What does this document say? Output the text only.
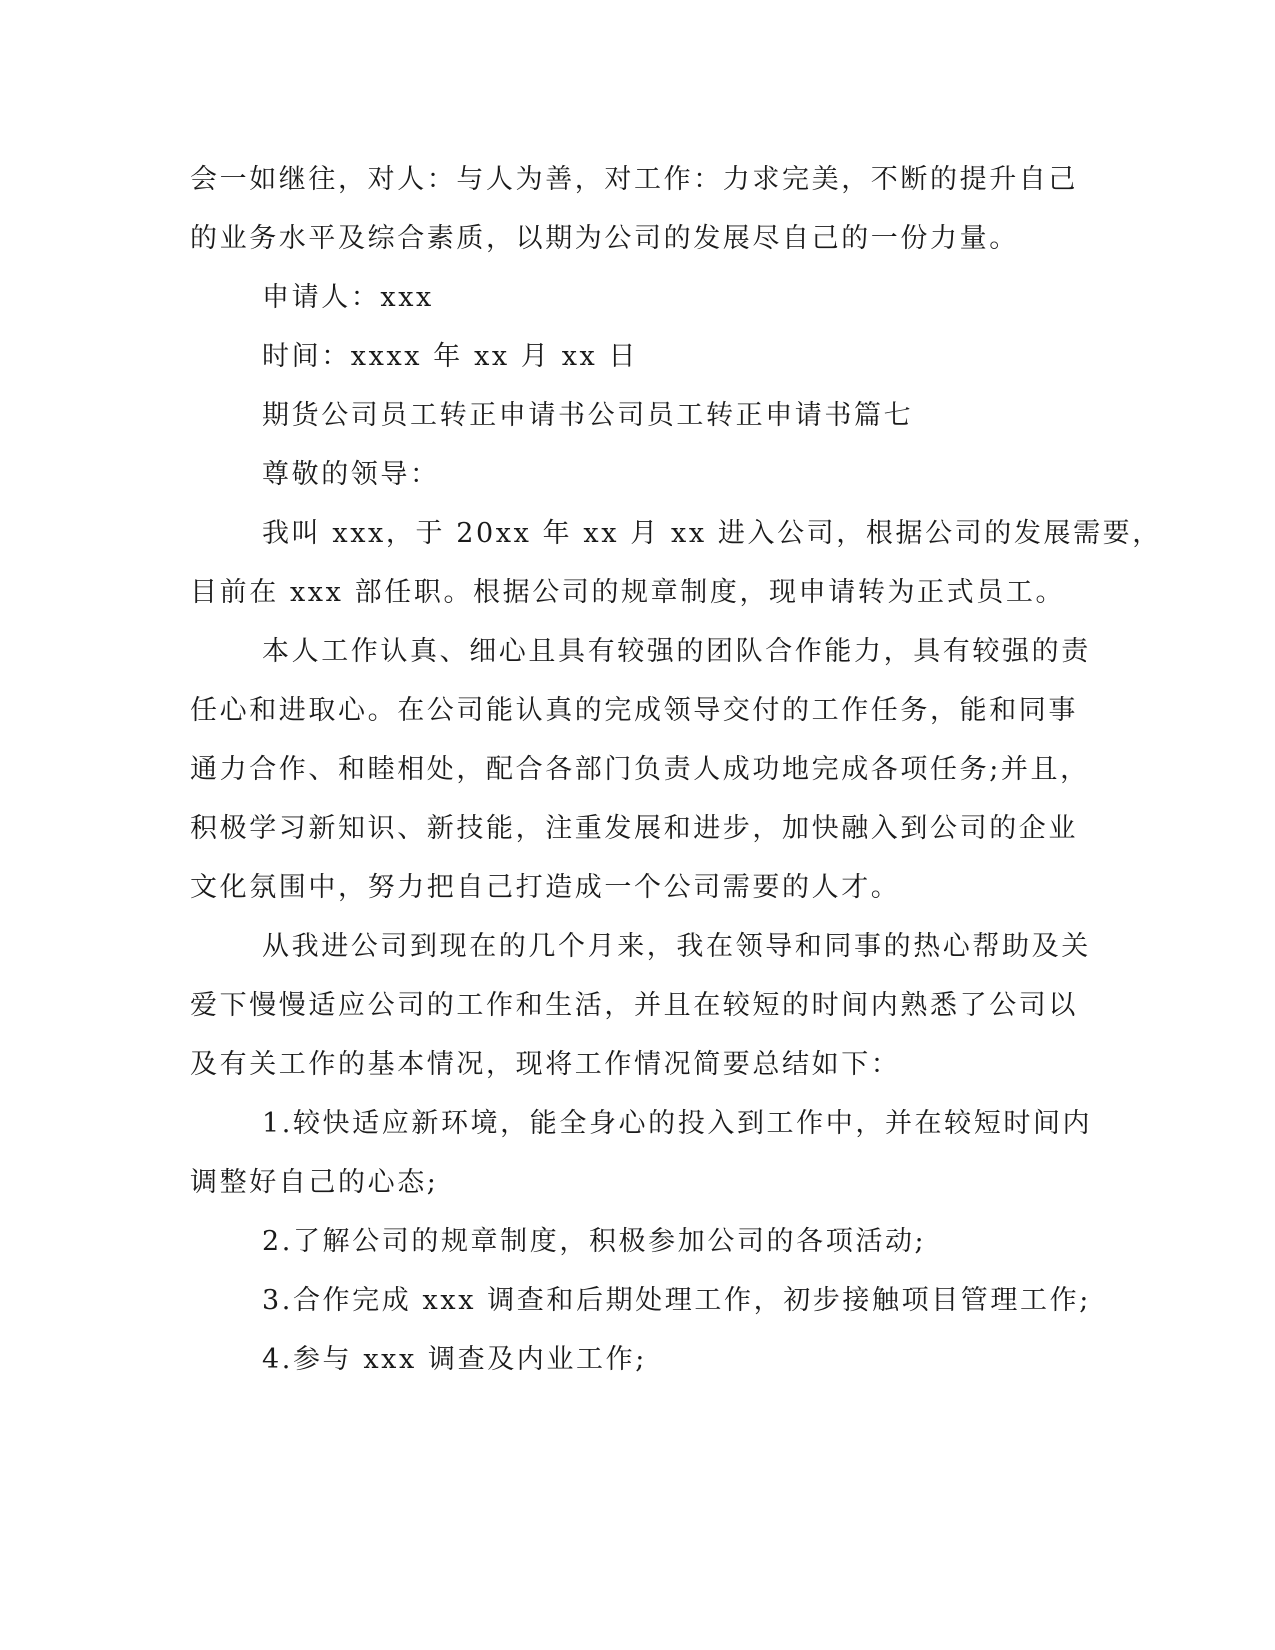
会一如继往，对人：与人为善，对工作：力求完美，不断的提升自己
的业务水平及综合素质，以期为公司的发展尽自己的一份力量。
申请人：xxx
时间：xxxx 年 xx 月 xx 日
期货公司员工转正申请书公司员工转正申请书篇七
尊敬的领导：
我叫 xxx，于 20xx 年 xx 月 xx 进入公司，根据公司的发展需要，
目前在 xxx 部任职。根据公司的规章制度，现申请转为正式员工。
本人工作认真、细心且具有较强的团队合作能力，具有较强的责
任心和进取心。在公司能认真的完成领导交付的工作任务，能和同事
通力合作、和睦相处，配合各部门负责人成功地完成各项任务;并且，
积极学习新知识、新技能，注重发展和进步，加快融入到公司的企业
文化氛围中，努力把自己打造成一个公司需要的人才。
从我进公司到现在的几个月来，我在领导和同事的热心帮助及关
爱下慢慢适应公司的工作和生活，并且在较短的时间内熟悉了公司以
及有关工作的基本情况，现将工作情况简要总结如下：
1.较快适应新环境，能全身心的投入到工作中，并在较短时间内
调整好自己的心态;
2.了解公司的规章制度，积极参加公司的各项活动;
3.合作完成 xxx 调查和后期处理工作，初步接触项目管理工作;
4.参与 xxx 调查及内业工作;
